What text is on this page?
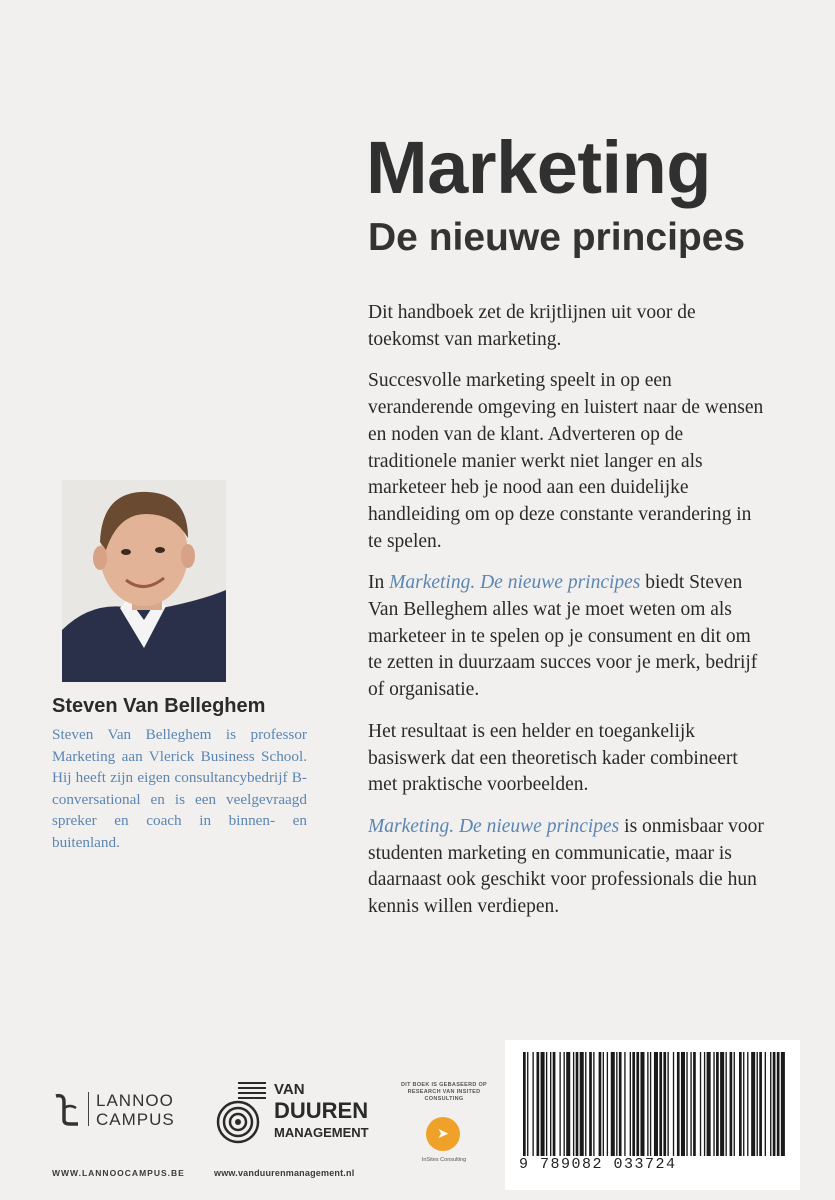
Marketing
De nieuwe principes

Dit handboek zet de krijtlijnen uit voor de toekomst van marketing.

Succesvolle marketing speelt in op een veranderende omgeving en luistert naar de wensen en noden van de klant. Adverteren op de traditionele manier werkt niet langer en als marketeer heb je nood aan een duidelijke handleiding om op deze constante verandering in te spelen.

In Marketing. De nieuwe principes biedt Steven Van Belleghem alles wat je moet weten om als marketeer in te spelen op je consument en dit om te zetten in duurzaam succes voor je merk, bedrijf of organisatie.

Het resultaat is een helder en toegankelijk basiswerk dat een theoretisch kader combineert met praktische voorbeelden.

Marketing. De nieuwe principes is onmisbaar voor studenten marketing en communicatie, maar is daarnaast ook geschikt voor professionals die hun kennis willen verdiepen.

Steven Van Belleghem

Steven Van Belleghem is professor Marketing aan Vlerick Business School. Hij heeft zijn eigen consultancybedrijf B-conversational en is een veelgevraagd spreker en coach in binnen- en buitenland.

LANNOO

CAMPUS

WWW.LANNOOCAMPUS.BE

VAN

DUUREN

MANAGEMENT

www.vanduurenmanagement.nl

DIT BOEK IS GEBASEERD OP RESEARCH VAN INSITED CONSULTING

➤

InSites Consulting	9 789082 033724
